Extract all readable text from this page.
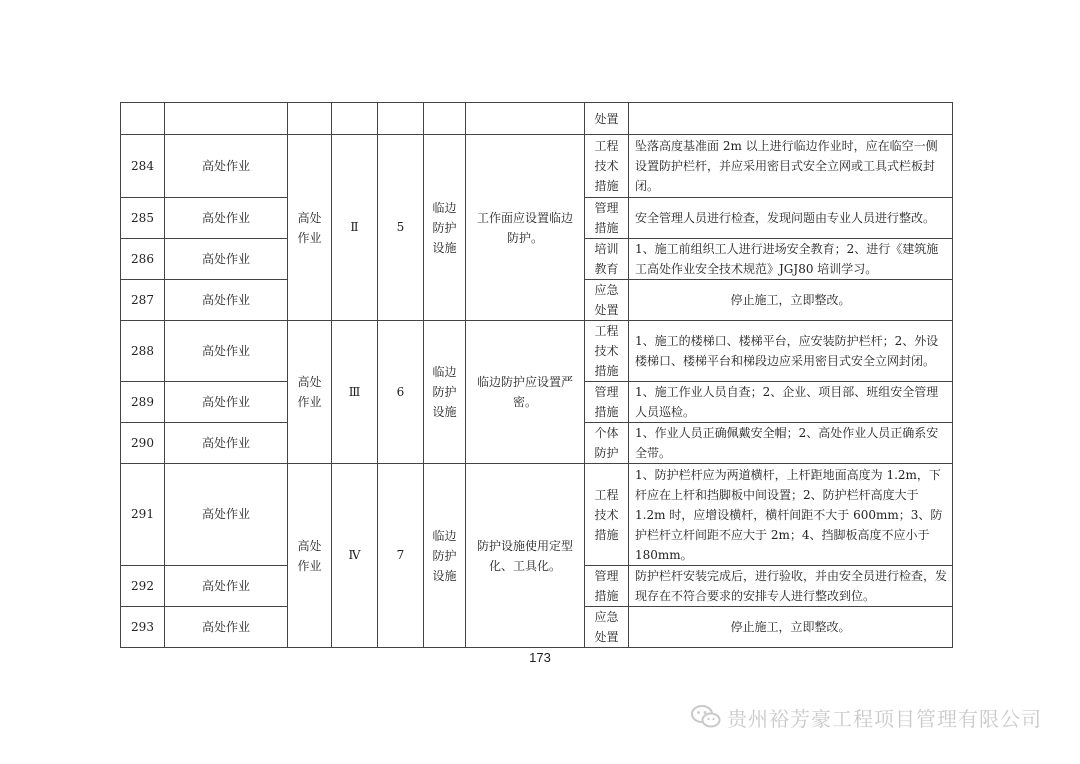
							处置	
284	高处作业	高处作业	Ⅱ	5	临边防护设施	工作面应设置临边防护。	工程技术措施	坠落高度基准面 2m 以上进行临边作业时，应在临空一侧设置防护栏杆，并应采用密目式安全立网或工具式栏板封闭。
285	高处作业						管理措施	安全管理人员进行检查，发现问题由专业人员进行整改。
286	高处作业						培训教育	1、施工前组织工人进行进场安全教育；2、进行《建筑施工高处作业安全技术规范》JGJ80 培训学习。
287	高处作业						应急处置	停止施工，立即整改。
288	高处作业	高处作业	Ⅲ	6	临边防护设施	临边防护应设置严密。	工程技术措施	1、施工的楼梯口、楼梯平台，应安装防护栏杆；2、外设楼梯口、楼梯平台和梯段边应采用密目式安全立网封闭。
289	高处作业						管理措施	1、施工作业人员自查；2、企业、项目部、班组安全管理人员巡检。
290	高处作业						个体防护	1、作业人员正确佩戴安全帽；2、高处作业人员正确系安全带。
291	高处作业	高处作业	Ⅳ	7	临边防护设施	防护设施使用定型化、工具化。	工程技术措施	1、防护栏杆应为两道横杆，上杆距地面高度为 1.2m，下杆应在上杆和挡脚板中间设置；2、防护栏杆高度大于 1.2m 时，应增设横杆，横杆间距不大于 600mm；3、防护栏杆立杆间距不应大于 2m；4、挡脚板高度不应小于 180mm。
292	高处作业						管理措施	防护栏杆安装完成后，进行验收，并由安全员进行检查，发现存在不符合要求的安排专人进行整改到位。
293	高处作业						应急处置	停止施工，立即整改。
173
贵州裕芳豪工程项目管理有限公司
